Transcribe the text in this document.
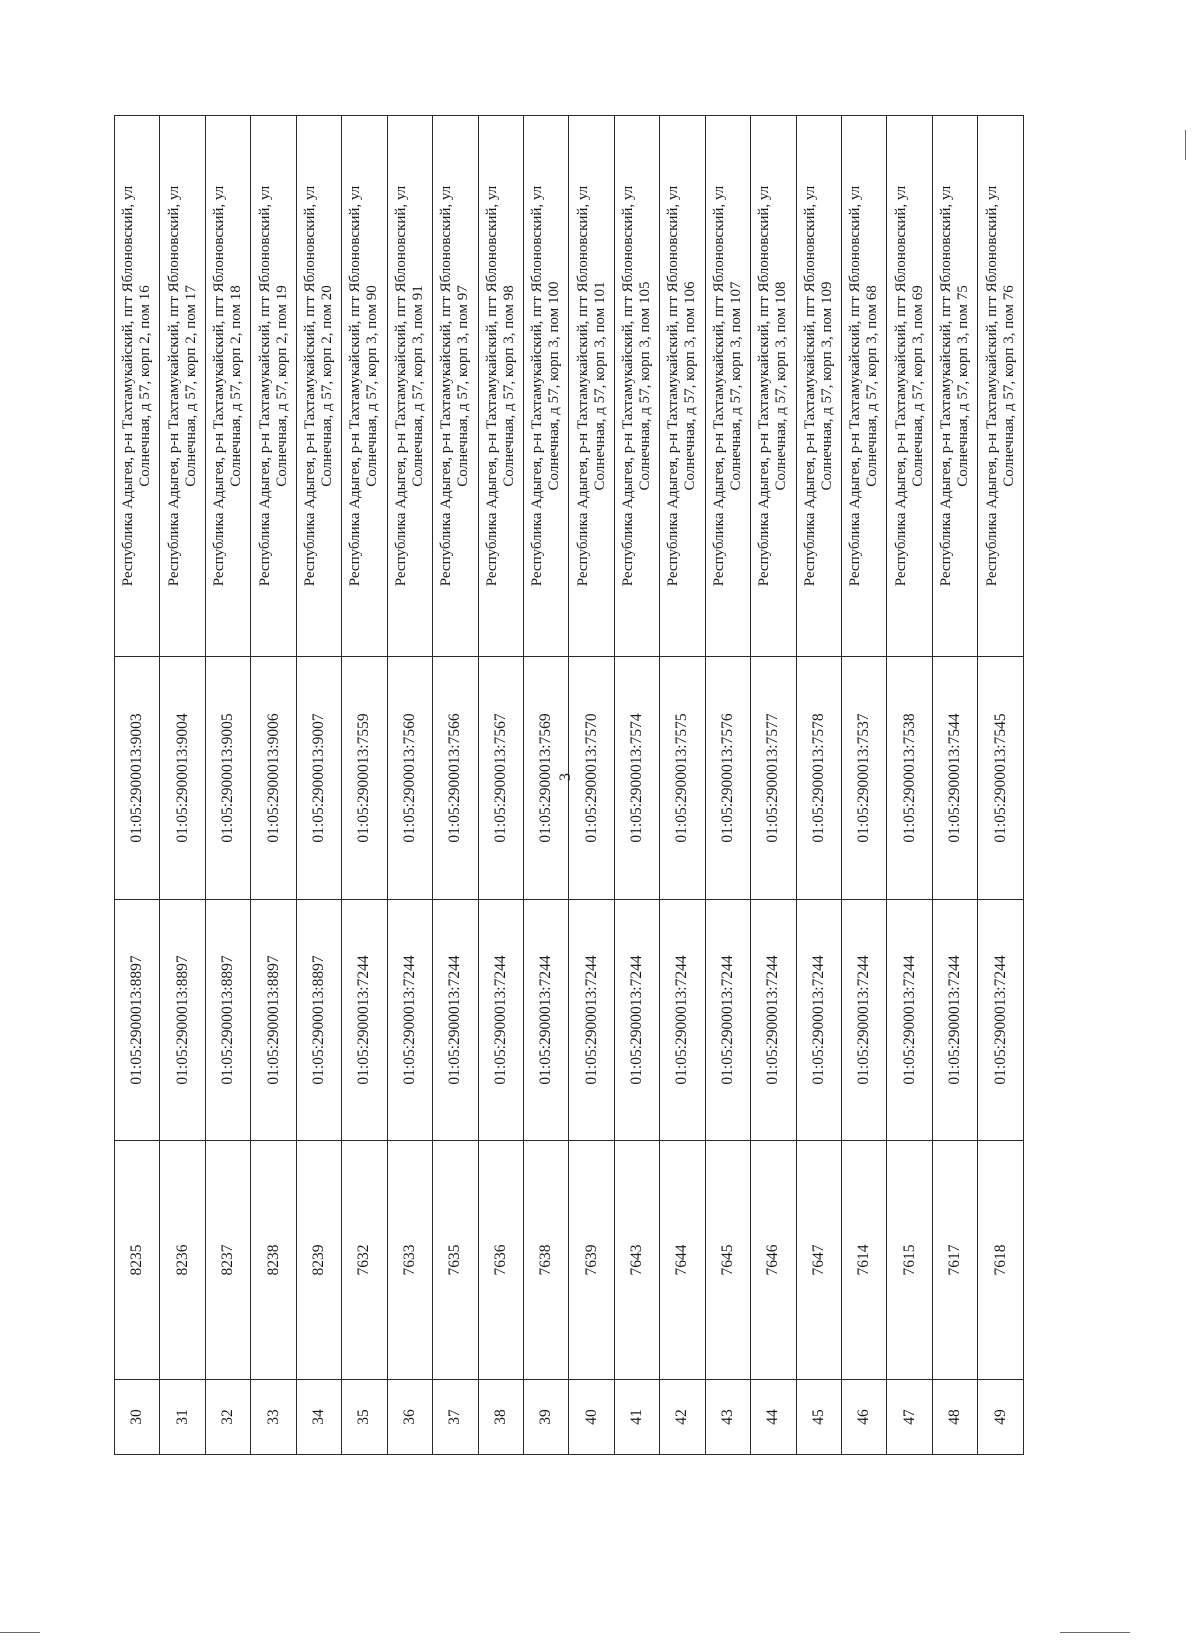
30	8235	01:05:2900013:8897	01:05:2900013:9003	Республика Адыгея, р-н Тахтамукайский, пгт Яблоновский, ул Солнечная, д 57, корп 2, пом 16

31	8236	01:05:2900013:8897	01:05:2900013:9004	Республика Адыгея, р-н Тахтамукайский, пгт Яблоновский, ул Солнечная, д 57, корп 2, пом 17

32	8237	01:05:2900013:8897	01:05:2900013:9005	Республика Адыгея, р-н Тахтамукайский, пгт Яблоновский, ул Солнечная, д 57, корп 2, пом 18

33	8238	01:05:2900013:8897	01:05:2900013:9006	Республика Адыгея, р-н Тахтамукайский, пгт Яблоновский, ул Солнечная, д 57, корп 2, пом 19

34	8239	01:05:2900013:8897	01:05:2900013:9007	Республика Адыгея, р-н Тахтамукайский, пгт Яблоновский, ул Солнечная, д 57, корп 2, пом 20

35	7632	01:05:2900013:7244	01:05:2900013:7559	Республика Адыгея, р-н Тахтамукайский, пгт Яблоновский, ул Солнечная, д 57, корп 3, пом 90

36	7633	01:05:2900013:7244	01:05:2900013:7560	Республика Адыгея, р-н Тахтамукайский, пгт Яблоновский, ул Солнечная, д 57, корп 3, пом 91

37	7635	01:05:2900013:7244	01:05:2900013:7566	Республика Адыгея, р-н Тахтамукайский, пгт Яблоновский, ул Солнечная, д 57, корп 3, пом 97

38	7636	01:05:2900013:7244	01:05:2900013:7567	Республика Адыгея, р-н Тахтамукайский, пгт Яблоновский, ул Солнечная, д 57, корп 3, пом 98

39	7638	01:05:2900013:7244	01:05:2900013:7569	Республика Адыгея, р-н Тахтамукайский, пгт Яблоновский, ул Солнечная, д 57, корп 3, пом 100

40	7639	01:05:2900013:7244	01:05:2900013:7570	Республика Адыгея, р-н Тахтамукайский, пгт Яблоновский, ул Солнечная, д 57, корп 3, пом 101

41	7643	01:05:2900013:7244	01:05:2900013:7574	Республика Адыгея, р-н Тахтамукайский, пгт Яблоновский, ул Солнечная, д 57, корп 3, пом 105

42	7644	01:05:2900013:7244	01:05:2900013:7575	Республика Адыгея, р-н Тахтамукайский, пгт Яблоновский, ул Солнечная, д 57, корп 3, пом 106

43	7645	01:05:2900013:7244	01:05:2900013:7576	Республика Адыгея, р-н Тахтамукайский, пгт Яблоновский, ул Солнечная, д 57, корп 3, пом 107

44	7646	01:05:2900013:7244	01:05:2900013:7577	Республика Адыгея, р-н Тахтамукайский, пгт Яблоновский, ул Солнечная, д 57, корп 3, пом 108

45	7647	01:05:2900013:7244	01:05:2900013:7578	Республика Адыгея, р-н Тахтамукайский, пгт Яблоновский, ул Солнечная, д 57, корп 3, пом 109

46	7614	01:05:2900013:7244	01:05:2900013:7537	Республика Адыгея, р-н Тахтамукайский, пгт Яблоновский, ул Солнечная, д 57, корп 3, пом 68

47	7615	01:05:2900013:7244	01:05:2900013:7538	Республика Адыгея, р-н Тахтамукайский, пгт Яблоновский, ул Солнечная, д 57, корп 3, пом 69

48	7617	01:05:2900013:7244	01:05:2900013:7544	Республика Адыгея, р-н Тахтамукайский, пгт Яблоновский, ул Солнечная, д 57, корп 3, пом 75

49	7618	01:05:2900013:7244	01:05:2900013:7545	Республика Адыгея, р-н Тахтамукайский, пгт Яблоновский, ул Солнечная, д 57, корп 3, пом 76
3
